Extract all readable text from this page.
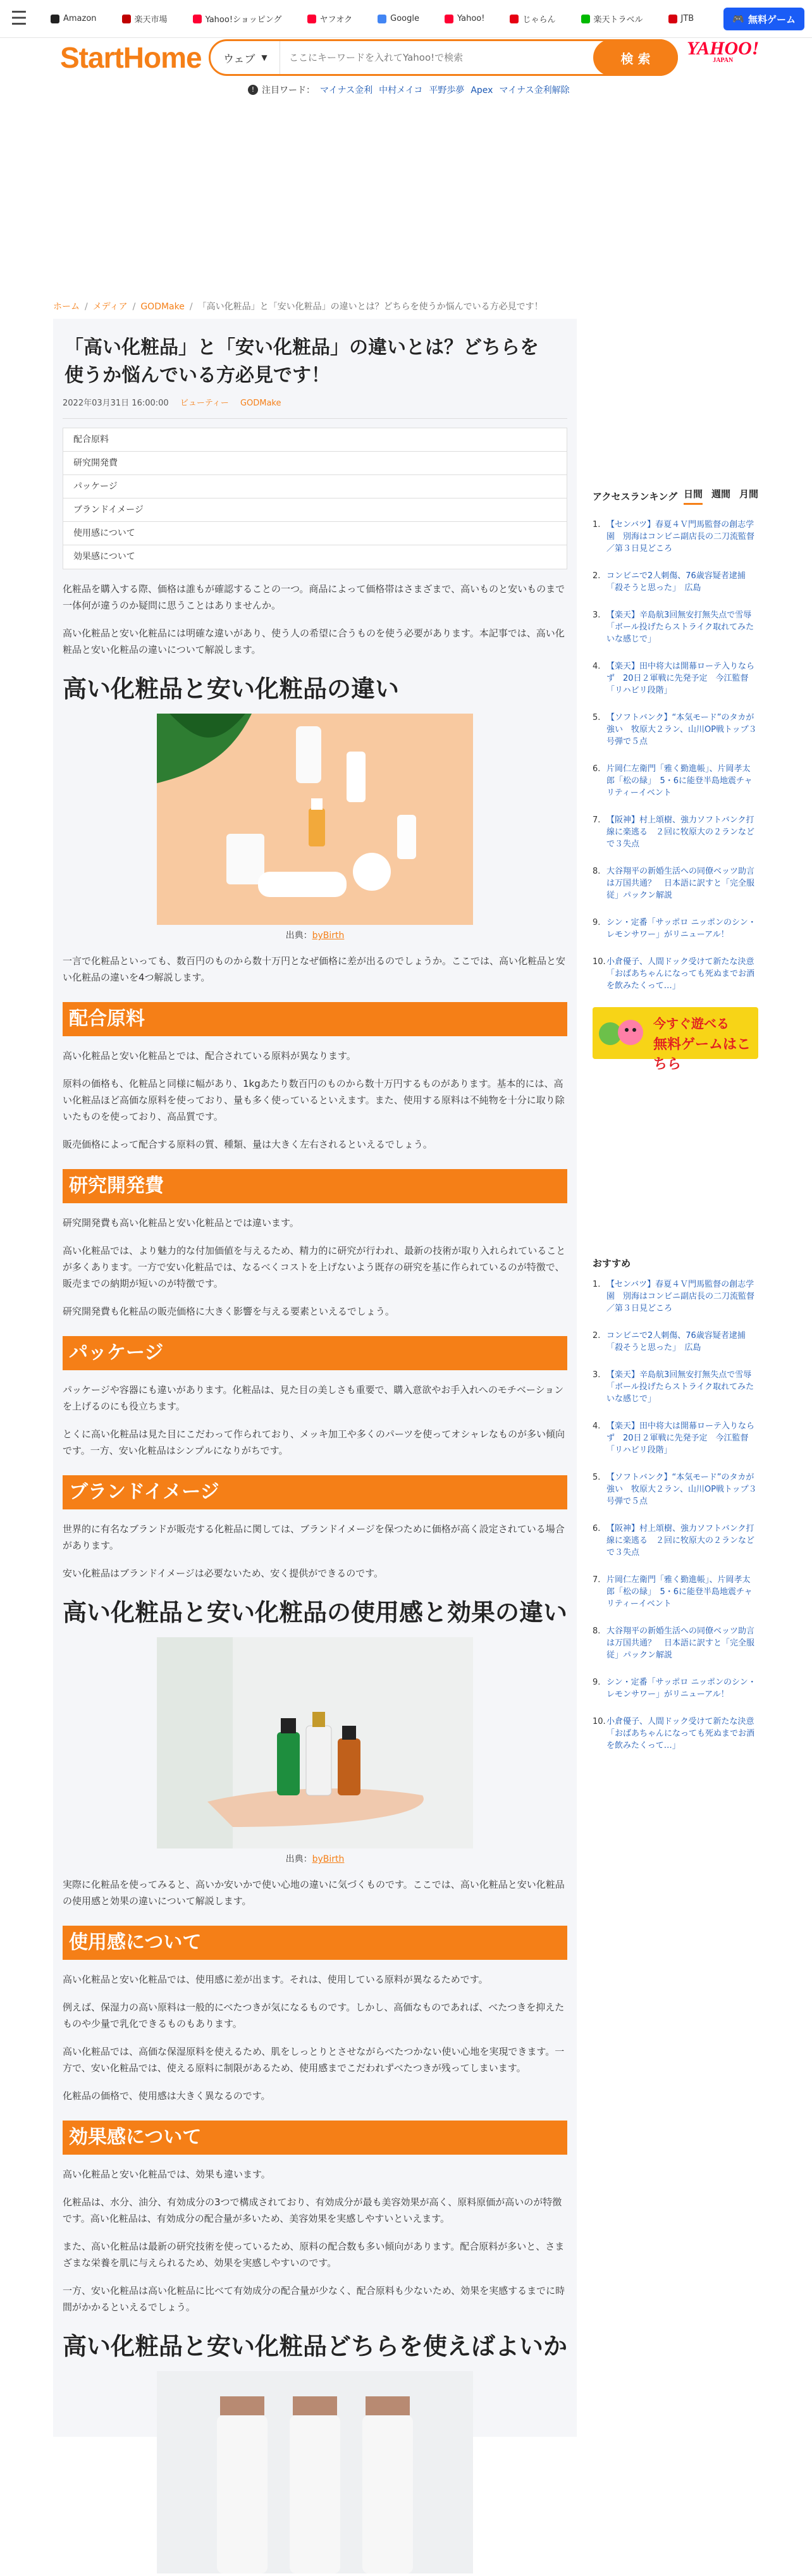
☰	Amazon	楽天市場	Yahoo!ショッピング	ヤフオク	Google	Yahoo!	じゃらん	楽天トラベル	JTB	🎮 無料ゲーム
StartHome ウェブ ▼
ここにキーワードを入れてYahoo!で検索	検 索 YAHOO!
JAPAN
! 注目ワード： マイナス金利 中村メイコ 平野歩夢 Apex マイナス金利解除
ホーム / メディア / GODMake / 「高い化粧品」と「安い化粧品」の違いとは？どちらを使うか悩んでいる方必見です！
「高い化粧品」と「安い化粧品」の違いとは？どちらを使うか悩んでいる方必見です！
2022年03月31日 16:00:00 ビューティー GODMake
配合原料
研究開発費
パッケージ
ブランドイメージ
使用感について
効果感について

化粧品を購入する際、価格は誰もが確認することの一つ。商品によって価格帯はさまざまで、高いものと安いものまで一体何が違うのか疑問に思うことはありませんか。

高い化粧品と安い化粧品には明確な違いがあり、使う人の希望に合うものを使う必要があります。本記事では、高い化粧品と安い化粧品の違いについて解説します。

高い化粧品と安い化粧品の違い
出典：byBirth

一言で化粧品といっても、数百円のものから数十万円となぜ価格に差が出るのでしょうか。ここでは、高い化粧品と安い化粧品の違いを4つ解説します。

配合原料

高い化粧品と安い化粧品とでは、配合されている原料が異なります。

原料の価格も、化粧品と同様に幅があり、1kgあたり数百円のものから数十万円するものがあります。基本的には、高い化粧品ほど高価な原料を使っており、量も多く使っているといえます。また、使用する原料は不純物を十分に取り除いたものを使っており、高品質です。

販売価格によって配合する原料の質、種類、量は大きく左右されるといえるでしょう。

研究開発費

研究開発費も高い化粧品と安い化粧品とでは違います。

高い化粧品では、より魅力的な付加価値を与えるため、精力的に研究が行われ、最新の技術が取り入れられていることが多くあります。一方で安い化粧品では、なるべくコストを上げないよう既存の研究を基に作られているのが特徴で、販売までの納期が短いのが特徴です。

研究開発費も化粧品の販売価格に大きく影響を与える要素といえるでしょう。

パッケージ

パッケージや容器にも違いがあります。化粧品は、見た目の美しさも重要で、購入意欲やお手入れへのモチベーションを上げるのにも役立ちます。

とくに高い化粧品は見た目にこだわって作られており、メッキ加工や多くのパーツを使ってオシャレなものが多い傾向です。一方、安い化粧品はシンプルになりがちです。

ブランドイメージ

世界的に有名なブランドが販売する化粧品に関しては、ブランドイメージを保つために価格が高く設定されている場合があります。

安い化粧品はブランドイメージは必要ないため、安く提供ができるのです。

高い化粧品と安い化粧品の使用感と効果の違い
出典：byBirth

実際に化粧品を使ってみると、高いか安いかで使い心地の違いに気づくものです。ここでは、高い化粧品と安い化粧品の使用感と効果の違いについて解説します。

使用感について

高い化粧品と安い化粧品では、使用感に差が出ます。それは、使用している原料が異なるためです。

例えば、保湿力の高い原料は一般的にべたつきが気になるものです。しかし、高価なものであれば、べたつきを抑えたものや少量で乳化できるものもあります。

高い化粧品では、高価な保湿原料を使えるため、肌をしっとりとさせながらべたつかない使い心地を実現できます。一方で、安い化粧品では、使える原料に制限があるため、使用感までこだわれずべたつきが残ってしまいます。

化粧品の価格で、使用感は大きく異なるのです。

効果感について

高い化粧品と安い化粧品では、効果も違います。

化粧品は、水分、油分、有効成分の3つで構成されており、有効成分が最も美容効果が高く、原料原価が高いのが特徴です。高い化粧品は、有効成分の配合量が多いため、美容効果を実感しやすいといえます。

また、高い化粧品は最新の研究技術を使っているため、原料の配合数も多い傾向があります。配合原料が多いと、さまざまな栄養を肌に与えられるため、効果を実感しやすいのです。

一方、安い化粧品は高い化粧品に比べて有効成分の配合量が少なく、配合原料も少ないため、効果を実感するまでに時間がかかるといえるでしょう。

高い化粧品と安い化粧品どちらを使えばよいか
アクセスランキング 日間 週間 月間
1. 【センバツ】春夏４Ｖ門馬監督の創志学園　別海はコンビニ副店長の二刀流監督／第３日見どころ
2. コンビニで2人刺傷、76歳容疑者逮捕「殺そうと思った」　広島
3. 【楽天】辛島航3回無安打無失点で雪辱「ボール投げたらストライク取れてみたいな感じで」
4. 【楽天】田中将大は開幕ローテ入りならず　20日２軍戦に先発予定　今江監督「リハビリ段階」
5. 【ソフトバンク】“本気モード”のタカが強い　牧原大２ラン、山川OP戦トップ３号弾で５点
6. 片岡仁左衛門「雅く勤進帳」、片岡孝太郎「松の緑」　5・6に能登半島地震チャリティーイベント
7. 【阪神】村上頌樹、強力ソフトバンク打線に楽逃る　２回に牧原大の２ランなどで３失点
8. 大谷翔平の新婚生活への同僚ベッツ助言は万国共通？　日本語に訳すと「完全服従」パックン解説
9. シン・定番「サッポロ ニッポンのシン・レモンサワー」がリニューアル！
10. 小倉優子、人間ドック受けて新たな決意「おばあちゃんになっても死ぬまでお酒を飲みたくって…」
今すぐ遊べる
無料ゲームはこちら
おすすめ
1. 【センバツ】春夏４Ｖ門馬監督の創志学園　別海はコンビニ副店長の二刀流監督／第３日見どころ
2. コンビニで2人刺傷、76歳容疑者逮捕「殺そうと思った」　広島
3. 【楽天】辛島航3回無安打無失点で雪辱「ボール投げたらストライク取れてみたいな感じで」
4. 【楽天】田中将大は開幕ローテ入りならず　20日２軍戦に先発予定　今江監督「リハビリ段階」
5. 【ソフトバンク】“本気モード”のタカが強い　牧原大２ラン、山川OP戦トップ３号弾で５点
6. 【阪神】村上頌樹、強力ソフトバンク打線に楽逃る　２回に牧原大の２ランなどで３失点
7. 片岡仁左衛門「雅く勤進帳」、片岡孝太郎「松の緑」　5・6に能登半島地震チャリティーイベント
8. 大谷翔平の新婚生活への同僚ベッツ助言は万国共通？　日本語に訳すと「完全服従」パックン解説
9. シン・定番「サッポロ ニッポンのシン・レモンサワー」がリニューアル！
10. 小倉優子、人間ドック受けて新たな決意「おばあちゃんになっても死ぬまでお酒を飲みたくって…」
